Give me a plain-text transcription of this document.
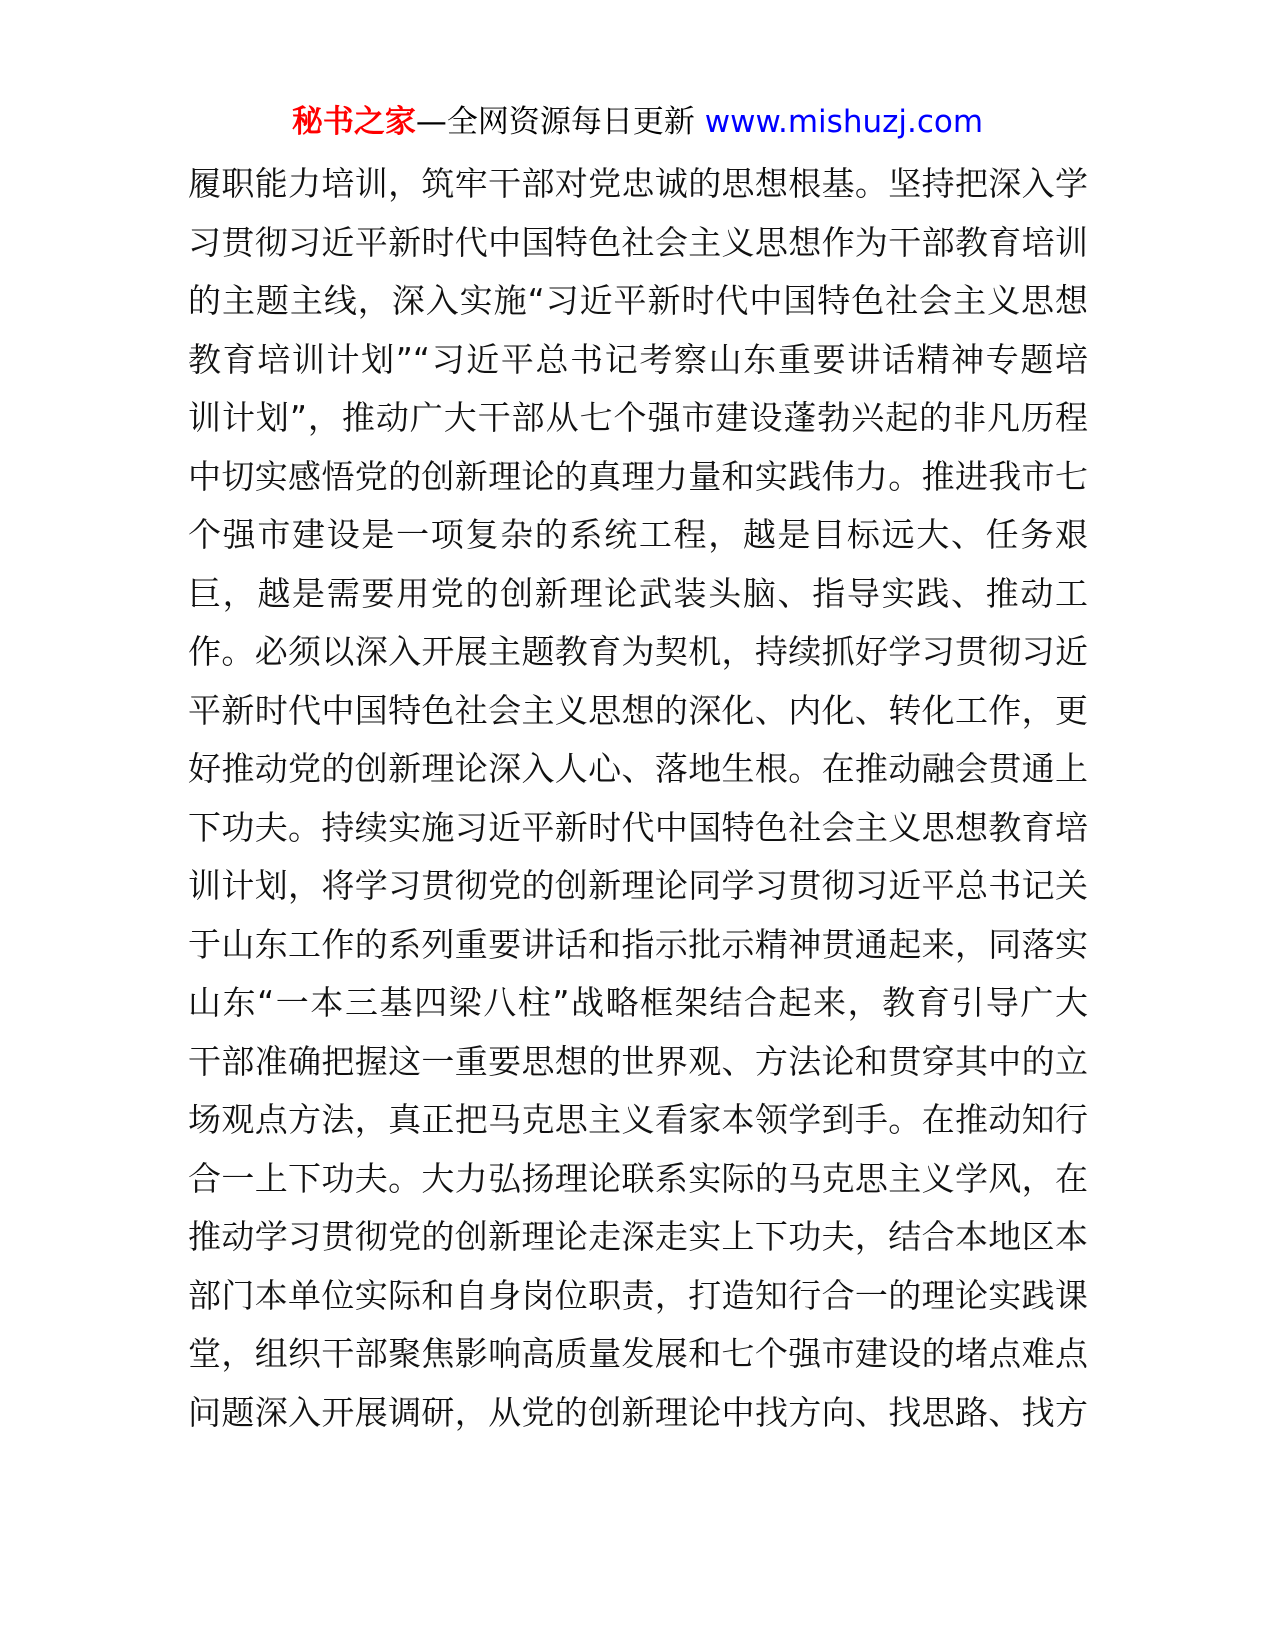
秘书之家—全网资源每日更新 www.mishuzj.com
履职能力培训，筑牢干部对党忠诚的思想根基。坚持把深入学
习贯彻习近平新时代中国特色社会主义思想作为干部教育培训
的主题主线，深入实施“习近平新时代中国特色社会主义思想
教育培训计划”“习近平总书记考察山东重要讲话精神专题培
训计划”，推动广大干部从七个强市建设蓬勃兴起的非凡历程
中切实感悟党的创新理论的真理力量和实践伟力。推进我市七
个强市建设是一项复杂的系统工程，越是目标远大、任务艰
巨，越是需要用党的创新理论武装头脑、指导实践、推动工
作。必须以深入开展主题教育为契机，持续抓好学习贯彻习近
平新时代中国特色社会主义思想的深化、内化、转化工作，更
好推动党的创新理论深入人心、落地生根。在推动融会贯通上
下功夫。持续实施习近平新时代中国特色社会主义思想教育培
训计划，将学习贯彻党的创新理论同学习贯彻习近平总书记关
于山东工作的系列重要讲话和指示批示精神贯通起来，同落实
山东“一本三基四梁八柱”战略框架结合起来，教育引导广大
干部准确把握这一重要思想的世界观、方法论和贯穿其中的立
场观点方法，真正把马克思主义看家本领学到手。在推动知行
合一上下功夫。大力弘扬理论联系实际的马克思主义学风，在
推动学习贯彻党的创新理论走深走实上下功夫，结合本地区本
部门本单位实际和自身岗位职责，打造知行合一的理论实践课
堂，组织干部聚焦影响高质量发展和七个强市建设的堵点难点
问题深入开展调研，从党的创新理论中找方向、找思路、找方
